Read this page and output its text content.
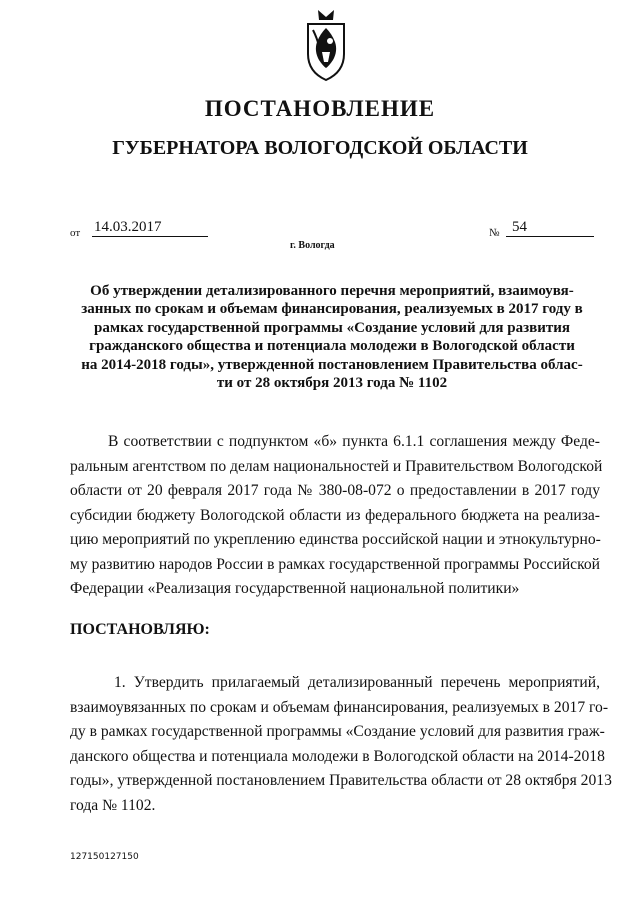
ПОСТАНОВЛЕНИЕ
ГУБЕРНАТОРА ВОЛОГОДСКОЙ ОБЛАСТИ
от 14.03.2017	№ 54
г. Вологда
Об утверждении детализированного перечня мероприятий, взаимоувя-
занных по срокам и объемам финансирования, реализуемых в 2017 году в
рамках государственной программы «Создание условий для развития
гражданского общества и потенциала молодежи в Вологодской области
на 2014-2018 годы», утвержденной постановлением Правительства облас-
ти от 28 октября 2013 года № 1102
В соответствии с подпунктом «б» пункта 6.1.1 соглашения между Феде-
ральным агентством по делам национальностей и Правительством Вологодской
области от 20 февраля 2017 года № 380-08-072 о предоставлении в 2017 году
субсидии бюджету Вологодской области из федерального бюджета на реализа-
цию мероприятий по укреплению единства российской нации и этнокультурно-
му развитию народов России в рамках государственной программы Российской
Федерации «Реализация государственной национальной политики»
ПОСТАНОВЛЯЮ:
1. Утвердить прилагаемый детализированный перечень мероприятий,
взаимоувязанных по срокам и объемам финансирования, реализуемых в 2017 го-
ду в рамках государственной программы «Создание условий для развития граж-
данского общества и потенциала молодежи в Вологодской области на 2014-2018
годы», утвержденной постановлением Правительства области от 28 октября 2013
года № 1102.
127150127150
